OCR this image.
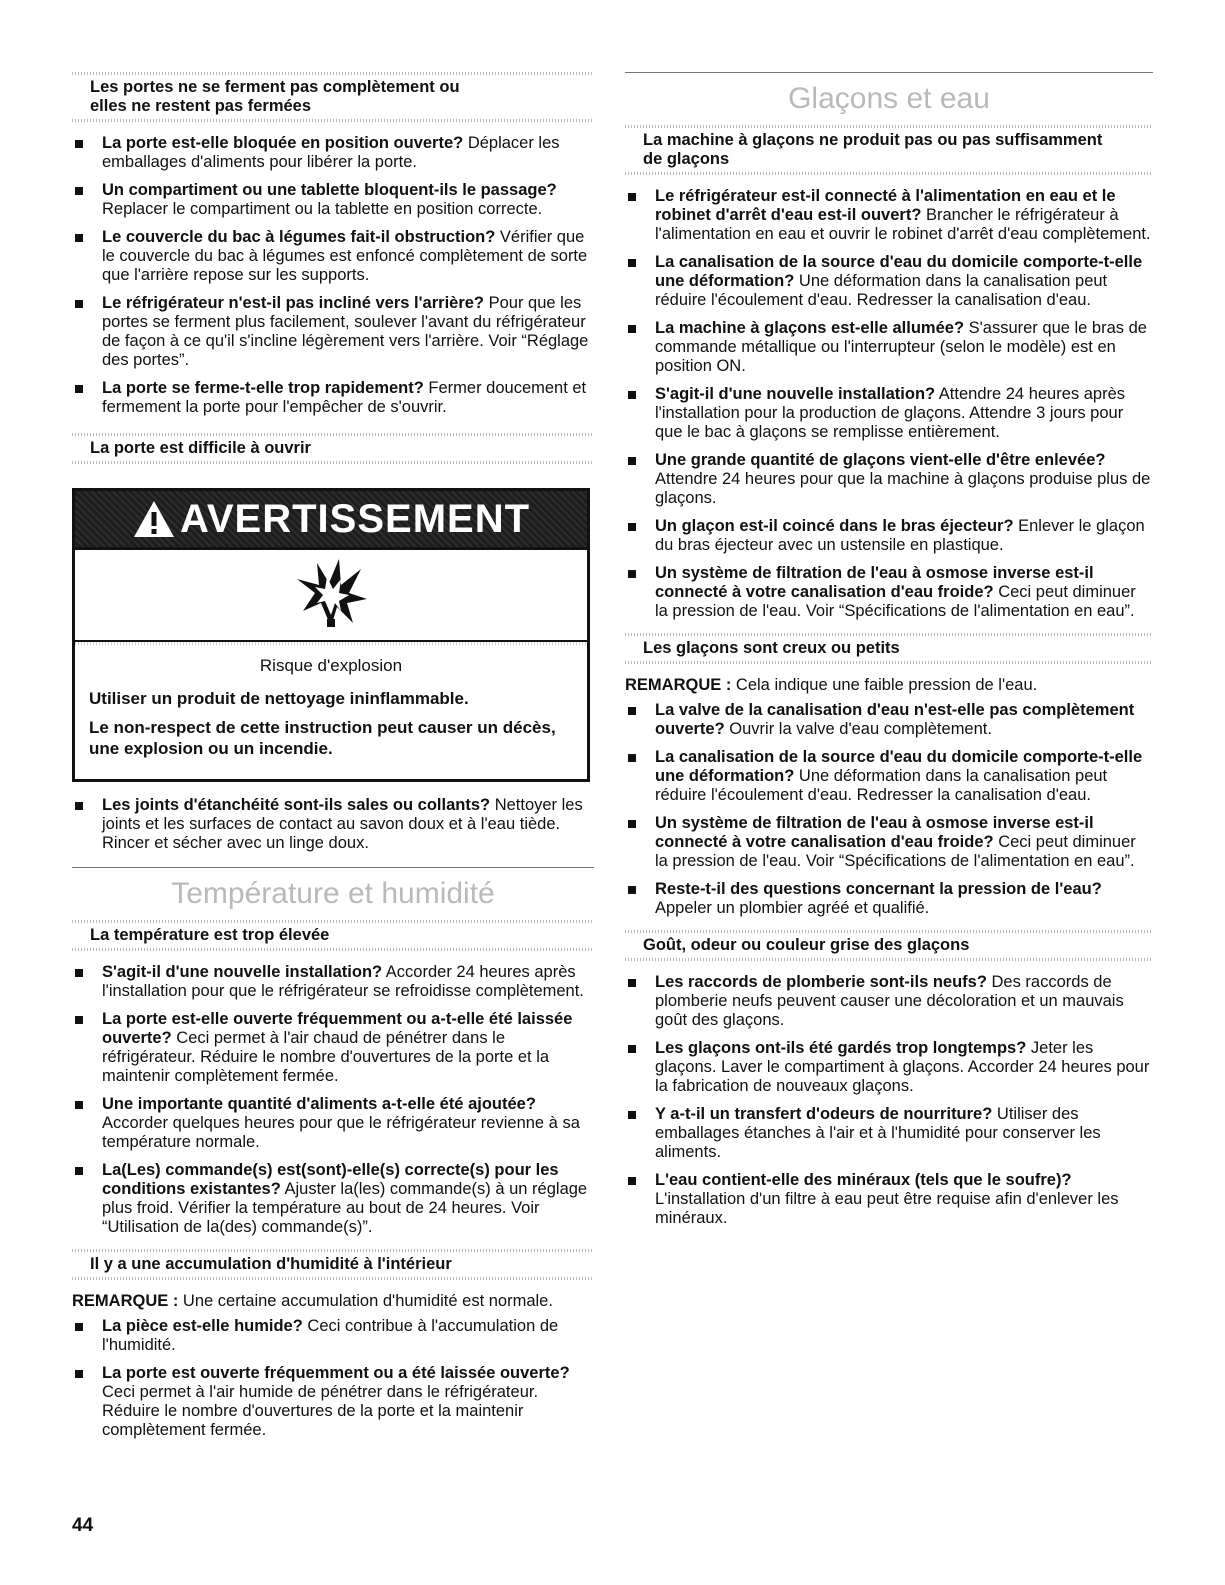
Les portes ne se ferment pas complètement ou
elles ne restent pas fermées
La porte est-elle bloquée en position ouverte? Déplacer les emballages d'aliments pour libérer la porte.
Un compartiment ou une tablette bloquent-ils le passage? Replacer le compartiment ou la tablette en position correcte.
Le couvercle du bac à légumes fait-il obstruction? Vérifier que le couvercle du bac à légumes est enfoncé complètement de sorte que l'arrière repose sur les supports.
Le réfrigérateur n'est-il pas incliné vers l'arrière? Pour que les portes se ferment plus facilement, soulever l'avant du réfrigérateur de façon à ce qu'il s'incline légèrement vers l'arrière. Voir “Réglage des portes”.
La porte se ferme-t-elle trop rapidement? Fermer doucement et fermement la porte pour l'empêcher de s'ouvrir.
La porte est difficile à ouvrir
AVERTISSEMENT
Risque d'explosion
Utiliser un produit de nettoyage ininflammable.
Le non-respect de cette instruction peut causer un décès, une explosion ou un incendie.
Les joints d'étanchéité sont-ils sales ou collants? Nettoyer les joints et les surfaces de contact au savon doux et à l'eau tiède. Rincer et sécher avec un linge doux.
Température et humidité
La température est trop élevée
S'agit-il d'une nouvelle installation? Accorder 24 heures après l'installation pour que le réfrigérateur se refroidisse complètement.
La porte est-elle ouverte fréquemment ou a-t-elle été laissée ouverte? Ceci permet à l'air chaud de pénétrer dans le réfrigérateur. Réduire le nombre d'ouvertures de la porte et la maintenir complètement fermée.
Une importante quantité d'aliments a-t-elle été ajoutée? Accorder quelques heures pour que le réfrigérateur revienne à sa température normale.
La(Les) commande(s) est(sont)-elle(s) correcte(s) pour les conditions existantes? Ajuster la(les) commande(s) à un réglage plus froid. Vérifier la température au bout de 24 heures. Voir “Utilisation de la(des) commande(s)”.
Il y a une accumulation d'humidité à l'intérieur

REMARQUE : Une certaine accumulation d'humidité est normale.

La pièce est-elle humide? Ceci contribue à l'accumulation de l'humidité.
La porte est ouverte fréquemment ou a été laissée ouverte? Ceci permet à l'air humide de pénétrer dans le réfrigérateur. Réduire le nombre d'ouvertures de la porte et la maintenir complètement fermée.
Glaçons et eau
La machine à glaçons ne produit pas ou pas suffisamment
de glaçons
Le réfrigérateur est-il connecté à l'alimentation en eau et le robinet d'arrêt d'eau est-il ouvert? Brancher le réfrigérateur à l'alimentation en eau et ouvrir le robinet d'arrêt d'eau complètement.
La canalisation de la source d'eau du domicile comporte-t-elle une déformation? Une déformation dans la canalisation peut réduire l'écoulement d'eau. Redresser la canalisation d'eau.
La machine à glaçons est-elle allumée? S'assurer que le bras de commande métallique ou l'interrupteur (selon le modèle) est en position ON.
S'agit-il d'une nouvelle installation? Attendre 24 heures après l'installation pour la production de glaçons. Attendre 3 jours pour que le bac à glaçons se remplisse entièrement.
Une grande quantité de glaçons vient-elle d'être enlevée? Attendre 24 heures pour que la machine à glaçons produise plus de glaçons.
Un glaçon est-il coincé dans le bras éjecteur? Enlever le glaçon du bras éjecteur avec un ustensile en plastique.
Un système de filtration de l'eau à osmose inverse est-il connecté à votre canalisation d'eau froide? Ceci peut diminuer la pression de l'eau. Voir “Spécifications de l'alimentation en eau”.
Les glaçons sont creux ou petits

REMARQUE : Cela indique une faible pression de l'eau.

La valve de la canalisation d'eau n'est-elle pas complètement ouverte? Ouvrir la valve d'eau complètement.
La canalisation de la source d'eau du domicile comporte-t-elle une déformation? Une déformation dans la canalisation peut réduire l'écoulement d'eau. Redresser la canalisation d'eau.
Un système de filtration de l'eau à osmose inverse est-il connecté à votre canalisation d'eau froide? Ceci peut diminuer la pression de l'eau. Voir “Spécifications de l'alimentation en eau”.
Reste-t-il des questions concernant la pression de l'eau? Appeler un plombier agréé et qualifié.
Goût, odeur ou couleur grise des glaçons
Les raccords de plomberie sont-ils neufs? Des raccords de plomberie neufs peuvent causer une décoloration et un mauvais goût des glaçons.
Les glaçons ont-ils été gardés trop longtemps? Jeter les glaçons. Laver le compartiment à glaçons. Accorder 24 heures pour la fabrication de nouveaux glaçons.
Y a-t-il un transfert d'odeurs de nourriture? Utiliser des emballages étanches à l'air et à l'humidité pour conserver les aliments.
L'eau contient-elle des minéraux (tels que le soufre)? L'installation d'un filtre à eau peut être requise afin d'enlever les minéraux.
44
